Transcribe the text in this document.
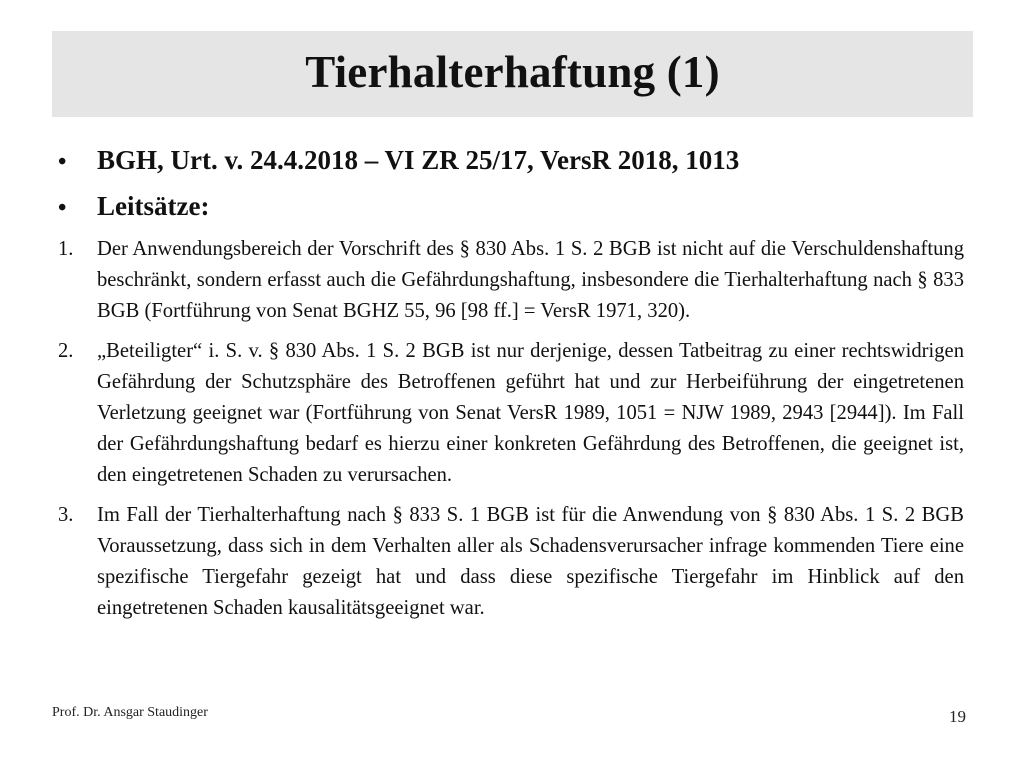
Tierhalterhaftung (1)
•	BGH, Urt. v. 24.4.2018 – VI ZR 25/17, VersR 2018, 1013
•	Leitsätze:
1.	Der Anwendungsbereich der Vorschrift des § 830 Abs. 1 S. 2 BGB ist nicht auf die Verschuldenshaftung beschränkt, sondern erfasst auch die Gefährdungshaftung, insbesondere die Tierhalterhaftung nach § 833 BGB (Fortführung von Senat BGHZ 55, 96 [98 ff.] = VersR 1971, 320).
2.	„Beteiligter“ i. S. v. § 830 Abs. 1 S. 2 BGB ist nur derjenige, dessen Tatbeitrag zu einer rechtswidrigen Gefährdung der Schutzsphäre des Betroffenen geführt hat und zur Herbeiführung der eingetretenen Verletzung geeignet war (Fortführung von Senat VersR 1989, 1051 = NJW 1989, 2943 [2944]). Im Fall der Gefährdungshaftung bedarf es hierzu einer konkreten Gefährdung des Betroffenen, die geeignet ist, den eingetretenen Schaden zu verursachen.
3.	Im Fall der Tierhalterhaftung nach § 833 S. 1 BGB ist für die Anwendung von § 830 Abs. 1 S. 2 BGB Voraussetzung, dass sich in dem Verhalten aller als Schadensverursacher infrage kommenden Tiere eine spezifische Tiergefahr gezeigt hat und dass diese spezifische Tiergefahr im Hinblick auf den eingetretenen Schaden kausalitätsgeeignet war.
Prof. Dr. Ansgar Staudinger	19
